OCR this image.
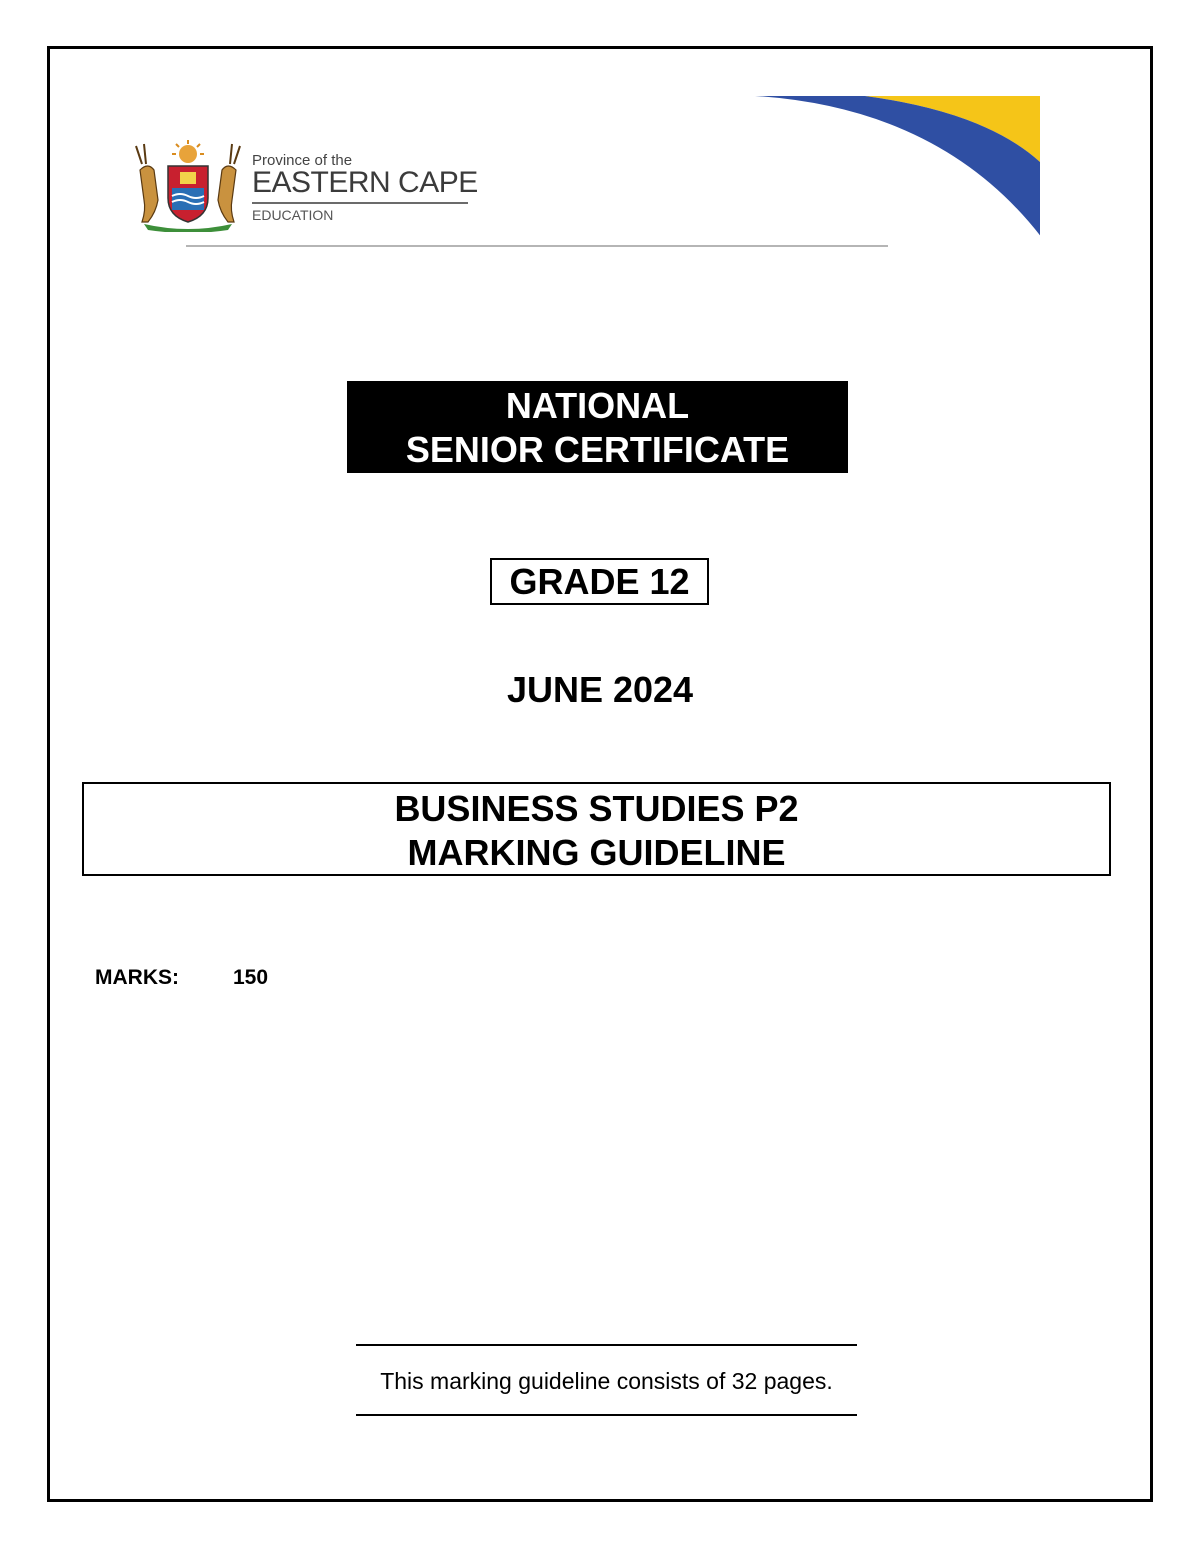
Province of the
EASTERN CAPE
EDUCATION
NATIONAL
SENIOR CERTIFICATE
GRADE 12
JUNE 2024
BUSINESS STUDIES P2
MARKING GUIDELINE
MARKS:	150
This marking guideline consists of 32 pages.
